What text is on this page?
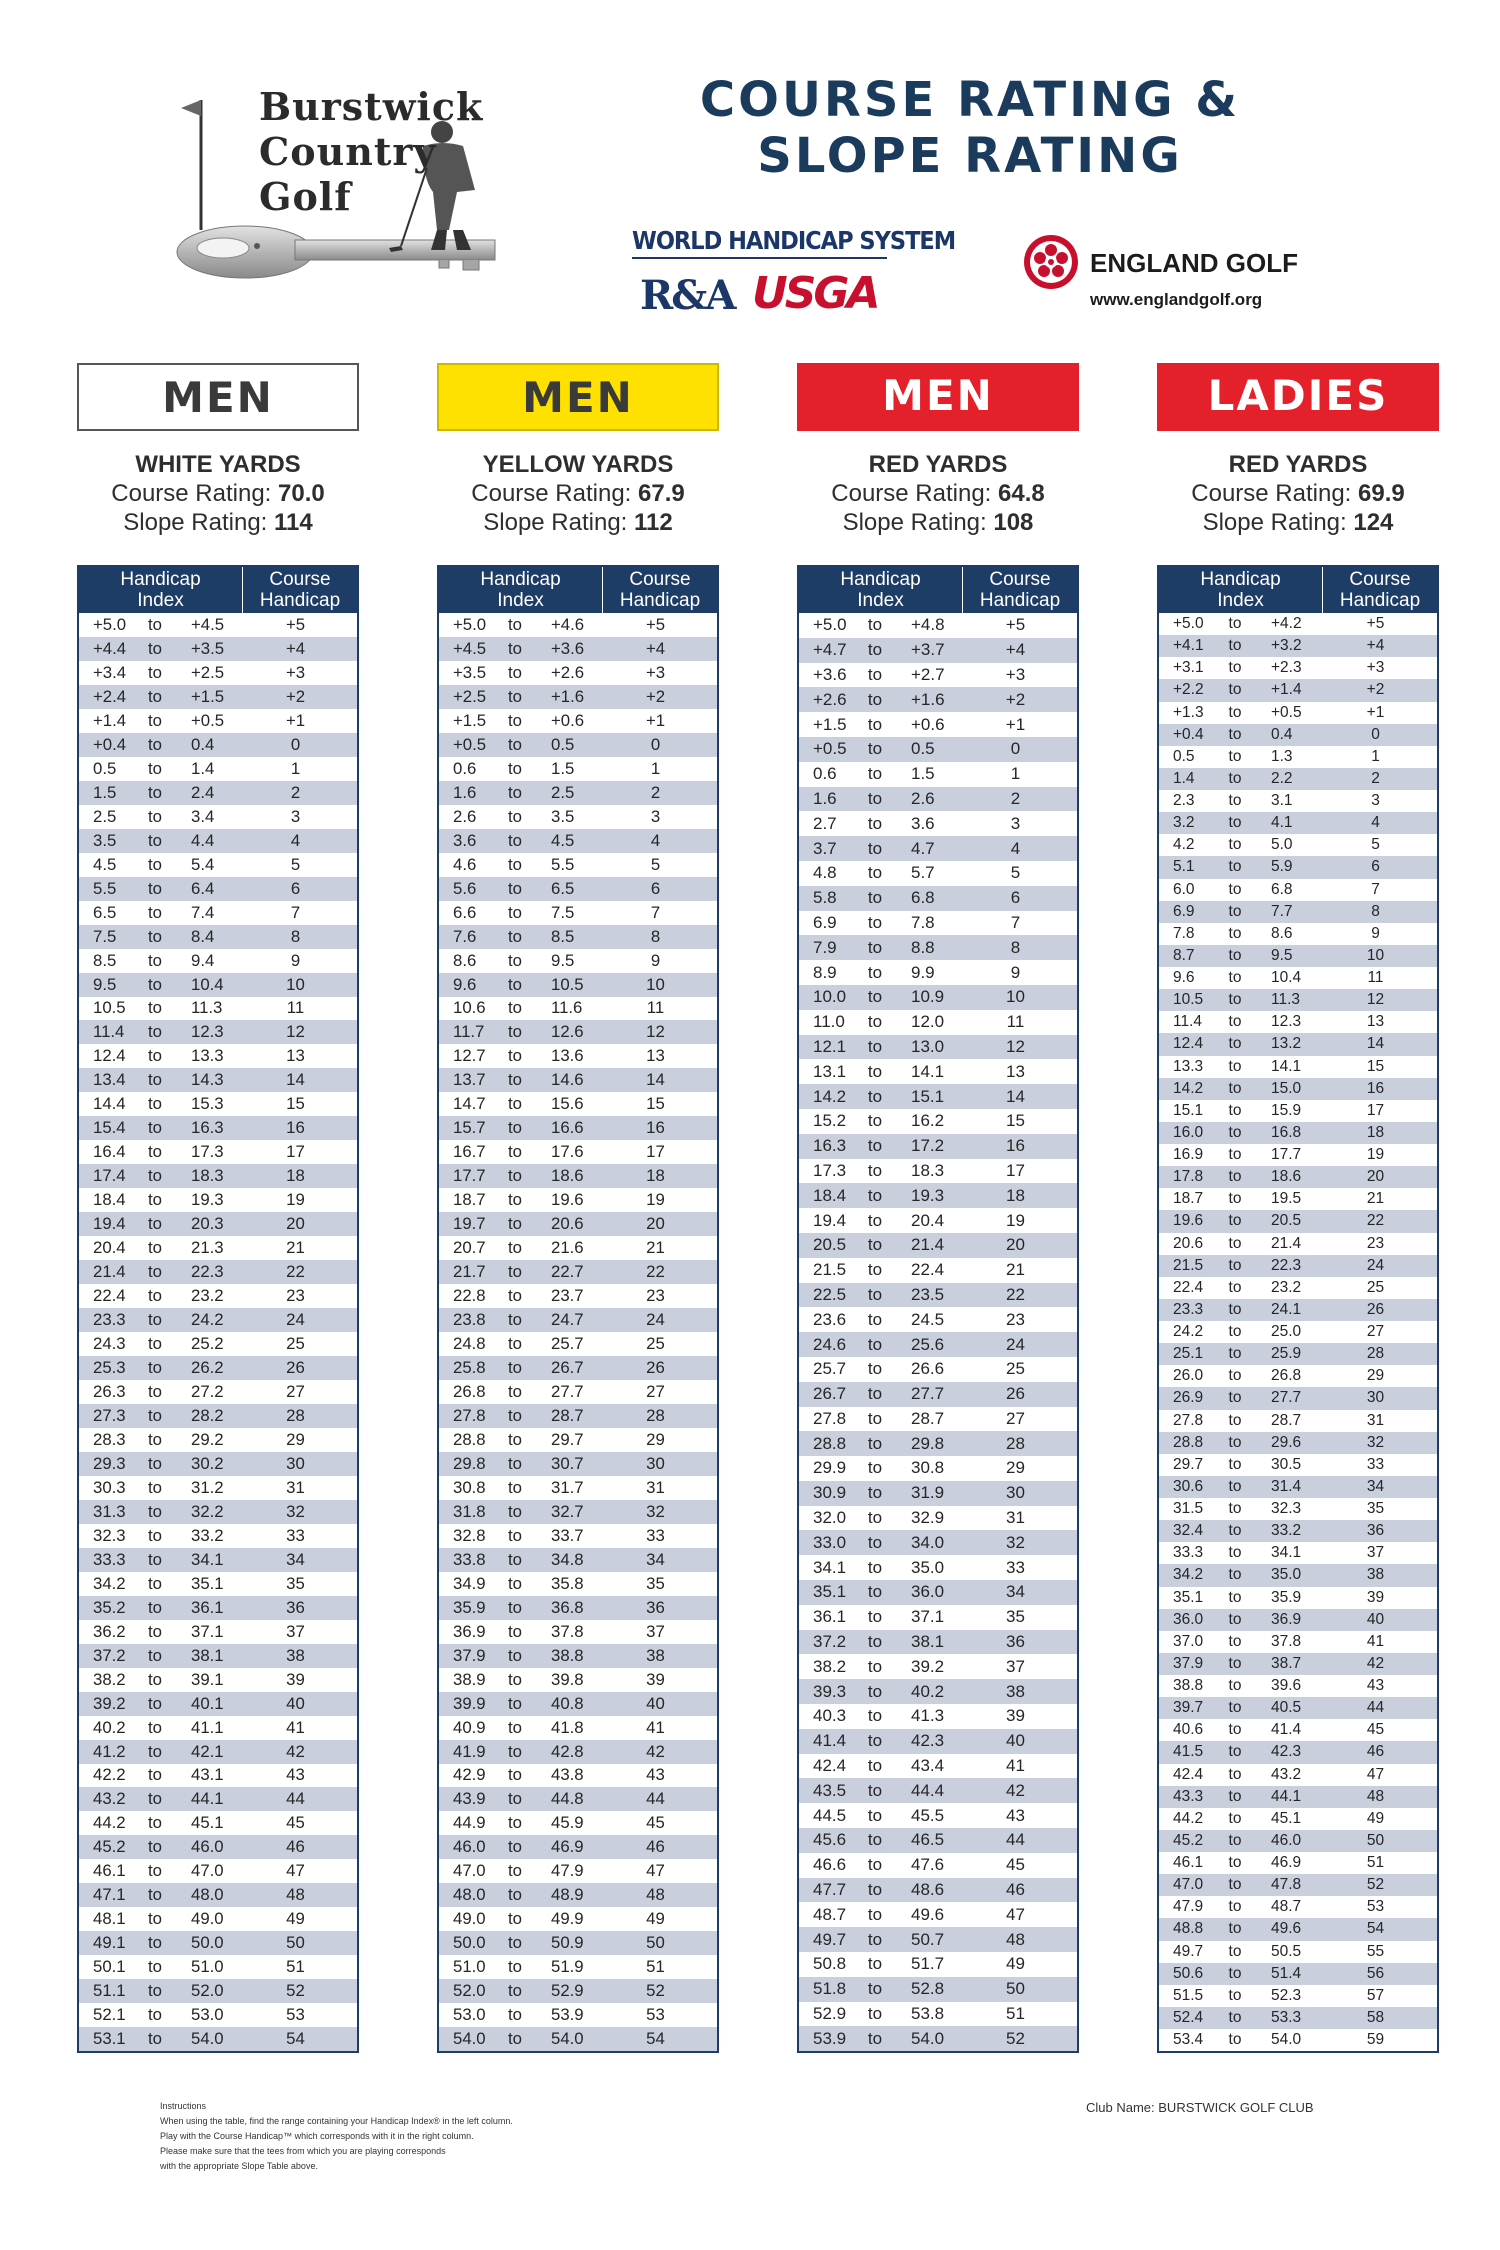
Burstwick
Country
Golf
COURSE RATING &
SLOPE RATING
WORLD HANDICAP SYSTEM
R&A USGA
ENGLAND GOLF
www.englandgolf.org
MEN
WHITE YARDS
Course Rating: 70.0
Slope Rating: 114
Handicap
Index
Course
Handicap
+5.0	to	+4.5	+5
+4.4	to	+3.5	+4
+3.4	to	+2.5	+3
+2.4	to	+1.5	+2
+1.4	to	+0.5	+1
+0.4	to	0.4	0
0.5	to	1.4	1
1.5	to	2.4	2
2.5	to	3.4	3
3.5	to	4.4	4
4.5	to	5.4	5
5.5	to	6.4	6
6.5	to	7.4	7
7.5	to	8.4	8
8.5	to	9.4	9
9.5	to	10.4	10
10.5	to	11.3	11
11.4	to	12.3	12
12.4	to	13.3	13
13.4	to	14.3	14
14.4	to	15.3	15
15.4	to	16.3	16
16.4	to	17.3	17
17.4	to	18.3	18
18.4	to	19.3	19
19.4	to	20.3	20
20.4	to	21.3	21
21.4	to	22.3	22
22.4	to	23.2	23
23.3	to	24.2	24
24.3	to	25.2	25
25.3	to	26.2	26
26.3	to	27.2	27
27.3	to	28.2	28
28.3	to	29.2	29
29.3	to	30.2	30
30.3	to	31.2	31
31.3	to	32.2	32
32.3	to	33.2	33
33.3	to	34.1	34
34.2	to	35.1	35
35.2	to	36.1	36
36.2	to	37.1	37
37.2	to	38.1	38
38.2	to	39.1	39
39.2	to	40.1	40
40.2	to	41.1	41
41.2	to	42.1	42
42.2	to	43.1	43
43.2	to	44.1	44
44.2	to	45.1	45
45.2	to	46.0	46
46.1	to	47.0	47
47.1	to	48.0	48
48.1	to	49.0	49
49.1	to	50.0	50
50.1	to	51.0	51
51.1	to	52.0	52
52.1	to	53.0	53
53.1	to	54.0	54
MEN
YELLOW YARDS
Course Rating: 67.9
Slope Rating: 112
Handicap
Index
Course
Handicap
+5.0	to	+4.6	+5
+4.5	to	+3.6	+4
+3.5	to	+2.6	+3
+2.5	to	+1.6	+2
+1.5	to	+0.6	+1
+0.5	to	0.5	0
0.6	to	1.5	1
1.6	to	2.5	2
2.6	to	3.5	3
3.6	to	4.5	4
4.6	to	5.5	5
5.6	to	6.5	6
6.6	to	7.5	7
7.6	to	8.5	8
8.6	to	9.5	9
9.6	to	10.5	10
10.6	to	11.6	11
11.7	to	12.6	12
12.7	to	13.6	13
13.7	to	14.6	14
14.7	to	15.6	15
15.7	to	16.6	16
16.7	to	17.6	17
17.7	to	18.6	18
18.7	to	19.6	19
19.7	to	20.6	20
20.7	to	21.6	21
21.7	to	22.7	22
22.8	to	23.7	23
23.8	to	24.7	24
24.8	to	25.7	25
25.8	to	26.7	26
26.8	to	27.7	27
27.8	to	28.7	28
28.8	to	29.7	29
29.8	to	30.7	30
30.8	to	31.7	31
31.8	to	32.7	32
32.8	to	33.7	33
33.8	to	34.8	34
34.9	to	35.8	35
35.9	to	36.8	36
36.9	to	37.8	37
37.9	to	38.8	38
38.9	to	39.8	39
39.9	to	40.8	40
40.9	to	41.8	41
41.9	to	42.8	42
42.9	to	43.8	43
43.9	to	44.8	44
44.9	to	45.9	45
46.0	to	46.9	46
47.0	to	47.9	47
48.0	to	48.9	48
49.0	to	49.9	49
50.0	to	50.9	50
51.0	to	51.9	51
52.0	to	52.9	52
53.0	to	53.9	53
54.0	to	54.0	54
MEN
RED YARDS
Course Rating: 64.8
Slope Rating: 108
Handicap
Index
Course
Handicap
+5.0	to	+4.8	+5
+4.7	to	+3.7	+4
+3.6	to	+2.7	+3
+2.6	to	+1.6	+2
+1.5	to	+0.6	+1
+0.5	to	0.5	0
0.6	to	1.5	1
1.6	to	2.6	2
2.7	to	3.6	3
3.7	to	4.7	4
4.8	to	5.7	5
5.8	to	6.8	6
6.9	to	7.8	7
7.9	to	8.8	8
8.9	to	9.9	9
10.0	to	10.9	10
11.0	to	12.0	11
12.1	to	13.0	12
13.1	to	14.1	13
14.2	to	15.1	14
15.2	to	16.2	15
16.3	to	17.2	16
17.3	to	18.3	17
18.4	to	19.3	18
19.4	to	20.4	19
20.5	to	21.4	20
21.5	to	22.4	21
22.5	to	23.5	22
23.6	to	24.5	23
24.6	to	25.6	24
25.7	to	26.6	25
26.7	to	27.7	26
27.8	to	28.7	27
28.8	to	29.8	28
29.9	to	30.8	29
30.9	to	31.9	30
32.0	to	32.9	31
33.0	to	34.0	32
34.1	to	35.0	33
35.1	to	36.0	34
36.1	to	37.1	35
37.2	to	38.1	36
38.2	to	39.2	37
39.3	to	40.2	38
40.3	to	41.3	39
41.4	to	42.3	40
42.4	to	43.4	41
43.5	to	44.4	42
44.5	to	45.5	43
45.6	to	46.5	44
46.6	to	47.6	45
47.7	to	48.6	46
48.7	to	49.6	47
49.7	to	50.7	48
50.8	to	51.7	49
51.8	to	52.8	50
52.9	to	53.8	51
53.9	to	54.0	52
LADIES
RED YARDS
Course Rating: 69.9
Slope Rating: 124
Handicap
Index
Course
Handicap
+5.0	to	+4.2	+5
+4.1	to	+3.2	+4
+3.1	to	+2.3	+3
+2.2	to	+1.4	+2
+1.3	to	+0.5	+1
+0.4	to	0.4	0
0.5	to	1.3	1
1.4	to	2.2	2
2.3	to	3.1	3
3.2	to	4.1	4
4.2	to	5.0	5
5.1	to	5.9	6
6.0	to	6.8	7
6.9	to	7.7	8
7.8	to	8.6	9
8.7	to	9.5	10
9.6	to	10.4	11
10.5	to	11.3	12
11.4	to	12.3	13
12.4	to	13.2	14
13.3	to	14.1	15
14.2	to	15.0	16
15.1	to	15.9	17
16.0	to	16.8	18
16.9	to	17.7	19
17.8	to	18.6	20
18.7	to	19.5	21
19.6	to	20.5	22
20.6	to	21.4	23
21.5	to	22.3	24
22.4	to	23.2	25
23.3	to	24.1	26
24.2	to	25.0	27
25.1	to	25.9	28
26.0	to	26.8	29
26.9	to	27.7	30
27.8	to	28.7	31
28.8	to	29.6	32
29.7	to	30.5	33
30.6	to	31.4	34
31.5	to	32.3	35
32.4	to	33.2	36
33.3	to	34.1	37
34.2	to	35.0	38
35.1	to	35.9	39
36.0	to	36.9	40
37.0	to	37.8	41
37.9	to	38.7	42
38.8	to	39.6	43
39.7	to	40.5	44
40.6	to	41.4	45
41.5	to	42.3	46
42.4	to	43.2	47
43.3	to	44.1	48
44.2	to	45.1	49
45.2	to	46.0	50
46.1	to	46.9	51
47.0	to	47.8	52
47.9	to	48.7	53
48.8	to	49.6	54
49.7	to	50.5	55
50.6	to	51.4	56
51.5	to	52.3	57
52.4	to	53.3	58
53.4	to	54.0	59
Instructions
When using the table, find the range containing your Handicap Index® in the left column.
Play with the Course Handicap™ which corresponds with it in the right column.
Please make sure that the tees from which you are playing corresponds
with the appropriate Slope Table above.
Club Name: BURSTWICK GOLF CLUB
